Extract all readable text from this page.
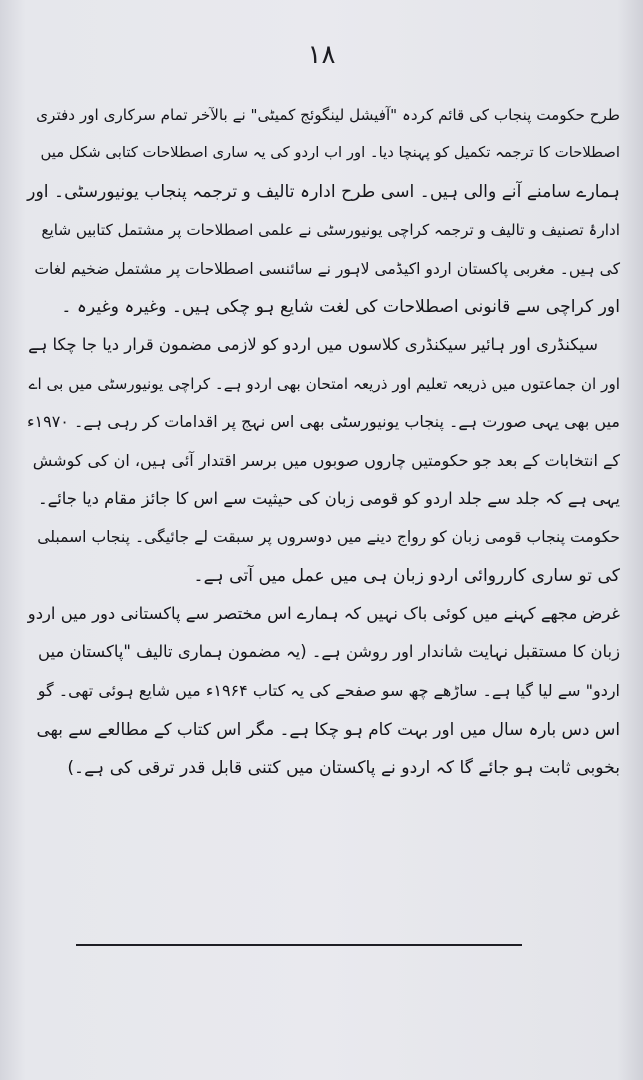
۱۸
طرح حکومت پنجاب کی قائم کردہ "آفیشل لینگوئج کمیٹی" نے بالآخر تمام سرکاری اور دفتری
اصطلاحات کا ترجمہ تکمیل کو پہنچا دیا۔ اور اب اردو کی یہ ساری اصطلاحات کتابی شکل میں
ہمارے سامنے آنے والی ہیں۔ اسی طرح ادارہ تالیف و ترجمہ پنجاب یونیورسٹی۔ اور
ادارۂ تصنیف و تالیف و ترجمہ کراچی یونیورسٹی نے علمی اصطلاحات پر مشتمل کتابیں شایع
کی ہیں۔ مغربی پاکستان اردو اکیڈمی لاہور نے سائنسی اصطلاحات پر مشتمل ضخیم لغات
اور کراچی سے قانونی اصطلاحات کی لغت شایع ہو چکی ہیں۔ وغیرہ وغیرہ ۔
سیکنڈری اور ہائیر سیکنڈری کلاسوں میں اردو کو لازمی مضمون قرار دیا جا چکا ہے
اور ان جماعتوں میں ذریعہ تعلیم اور ذریعہ امتحان بھی اردو ہے۔ کراچی یونیورسٹی میں بی اے
میں بھی یہی صورت ہے۔ پنجاب یونیورسٹی بھی اس نہج پر اقدامات کر رہی ہے۔ ۱۹۷۰ء
کے انتخابات کے بعد جو حکومتیں چاروں صوبوں میں برسر اقتدار آئی ہیں، ان کی کوشش
یہی ہے کہ جلد سے جلد اردو کو قومی زبان کی حیثیت سے اس کا جائز مقام دیا جائے۔
حکومت پنجاب قومی زبان کو رواج دینے میں دوسروں پر سبقت لے جائیگی۔ پنجاب اسمبلی
کی تو ساری کارروائی اردو زبان ہی میں عمل میں آتی ہے۔
غرض مجھے کہنے میں کوئی باک نہیں کہ ہمارے اس مختصر سے پاکستانی دور میں اردو
زبان کا مستقبل نہایت شاندار اور روشن ہے۔ (یہ مضمون ہماری تالیف "پاکستان میں
اردو" سے لیا گیا ہے۔ ساڑھے چھ سو صفحے کی یہ کتاب ۱۹۶۴ء میں شایع ہوئی تھی۔ گو
اس دس بارہ سال میں اور بہت کام ہو چکا ہے۔ مگر اس کتاب کے مطالعے سے بھی
بخوبی ثابت ہو جائے گا کہ اردو نے پاکستان میں کتنی قابل قدر ترقی کی ہے۔)
